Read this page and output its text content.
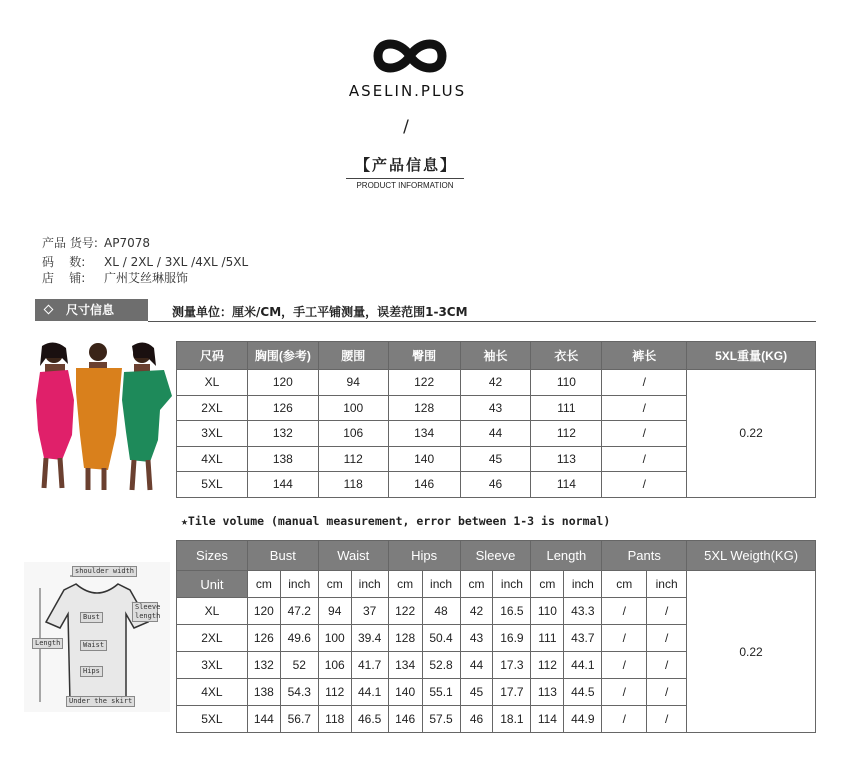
ASELIN.PLUS
/
【产品信息】
PRODUCT INFORMATION
产品 货号: AP7078
码    数: XL / 2XL / 3XL /4XL /5XL
店    铺: 广州艾丝琳服饰
尺寸信息	测量单位：厘米/CM，手工平铺测量，误差范围1-3CM
尺码	胸围(参考)	腰围	臀围	袖长	衣长	裤长	5XL重量(KG)
XL	120	94	122	42	110	/	0.22
2XL	126	100	128	43	111	/	
3XL	132	106	134	44	112	/	
4XL	138	112	140	45	113	/	
5XL	144	118	146	46	114	/	
★Tile volume (manual measurement, error between 1-3 is normal)
shoulder width
Sleeve length
Length
Bust
Waist
Hips
Under the skirt
Sizes	Bust		Waist		Hips		Sleeve		Length		Pants		5XL Weigth(KG)
Unit	cm	inch	cm	inch	cm	inch	cm	inch	cm	inch	cm	inch	0.22
XL	120	47.2	94	37	122	48	42	16.5	110	43.3	/	/	
2XL	126	49.6	100	39.4	128	50.4	43	16.9	111	43.7	/	/	
3XL	132	52	106	41.7	134	52.8	44	17.3	112	44.1	/	/	
4XL	138	54.3	112	44.1	140	55.1	45	17.7	113	44.5	/	/	
5XL	144	56.7	118	46.5	146	57.5	46	18.1	114	44.9	/	/	
